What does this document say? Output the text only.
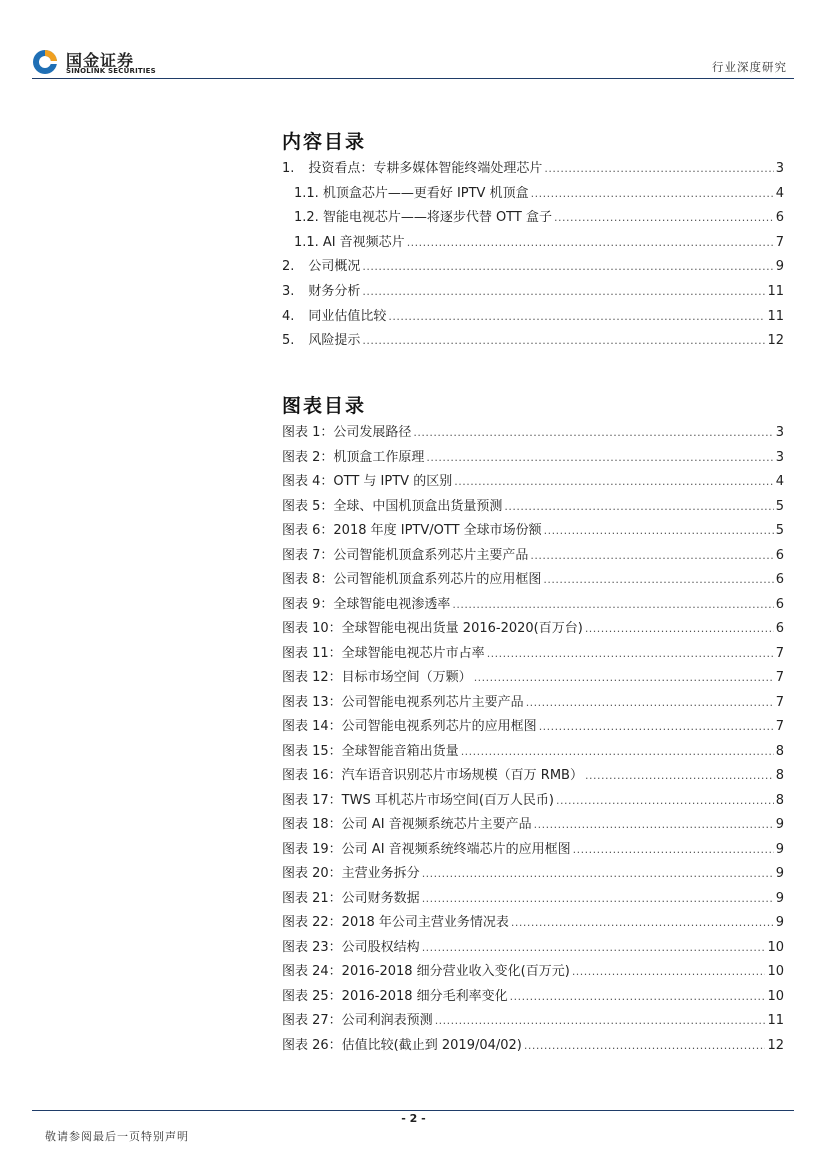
国金证券
SINOLINK SECURITIES	行业深度研究
内容目录
1. 投资看点：专耕多媒体智能终端处理芯片 .....	3
1.1. 机顶盒芯片——更看好 IPTV 机顶盒 .....	4
1.2. 智能电视芯片——将逐步代替 OTT 盒子 .....	6
1.1. AI 音视频芯片 .....	7
2. 公司概况 .....	9
3. 财务分析 .....	11
4. 同业估值比较 .....	11
5. 风险提示 .....	12
图表目录
图表 1：公司发展路径 .....	3
图表 2：机顶盒工作原理 .....	3
图表 4：OTT 与 IPTV 的区别 .....	4
图表 5：全球、中国机顶盒出货量预测 .....	5
图表 6：2018 年度 IPTV/OTT 全球市场份额 .....	5
图表 7：公司智能机顶盒系列芯片主要产品 .....	6
图表 8：公司智能机顶盒系列芯片的应用框图 .....	6
图表 9：全球智能电视渗透率 .....	6
图表 10：全球智能电视出货量 2016-2020(百万台) .....	6
图表 11：全球智能电视芯片市占率 .....	7
图表 12：目标市场空间（万颗） .....	7
图表 13：公司智能电视系列芯片主要产品 .....	7
图表 14：公司智能电视系列芯片的应用框图 .....	7
图表 15：全球智能音箱出货量 .....	8
图表 16：汽车语音识别芯片市场规模（百万 RMB） .....	8
图表 17：TWS 耳机芯片市场空间(百万人民币) .....	8
图表 18：公司 AI 音视频系统芯片主要产品 .....	9
图表 19：公司 AI 音视频系统终端芯片的应用框图 .....	9
图表 20：主营业务拆分 .....	9
图表 21：公司财务数据 .....	9
图表 22：2018 年公司主营业务情况表 .....	9
图表 23：公司股权结构 .....	10
图表 24：2016-2018 细分营业收入变化(百万元) .....	10
图表 25：2016-2018 细分毛利率变化 .....	10
图表 27：公司利润表预测 .....	11
图表 26：估值比较(截止到 2019/04/02) .....	12
- 2 -
敬请参阅最后一页特别声明
